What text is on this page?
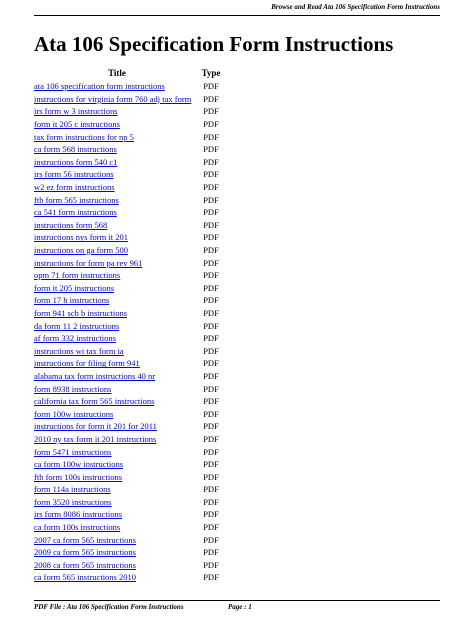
Browse and Read Ata 106 Specification Form Instructions
Ata 106 Specification Form Instructions
Title	Type
ata 106 specification form instructions	PDF
instructions for virginia form 760 adj tax form	PDF
irs form w 3 instructions	PDF
form it 205 c instructions	PDF
tax form instructions for np 5	PDF
ca form 568 instructions	PDF
instructions form 540 c1	PDF
irs form 56 instructions	PDF
w2 ez form instructions	PDF
ftb form 565 instructions	PDF
ca 541 form instructions	PDF
instructions form 568	PDF
instructions nys form it 201	PDF
instructions on ga form 500	PDF
instructions for form pa rev 961	PDF
opm 71 form instructions	PDF
form it 205 instructions	PDF
form 17 h instructions	PDF
form 941 sch b instructions	PDF
da form 11 2 instructions	PDF
af form 332 instructions	PDF
instructions wi tax form ia	PDF
instructions for filing form 941	PDF
alabama tax form instructions 40 nr	PDF
form 8938 instructions	PDF
california tax form 565 instructions	PDF
form 100w instructions	PDF
instructions for form it 201 for 2011	PDF
2010 ny tax form it 201 instructions	PDF
form 5471 instructions	PDF
ca form 100w instructions	PDF
ftb form 100s instructions	PDF
form 114a instructions	PDF
form 3520 instructions	PDF
irs form 8086 instructions	PDF
ca form 100s instructions	PDF
2007 ca form 565 instructions	PDF
2009 ca form 565 instructions	PDF
2008 ca form 565 instructions	PDF
ca form 565 instructions 2010	PDF
PDF File : Ata 106 Specification Form Instructions	Page : 1
